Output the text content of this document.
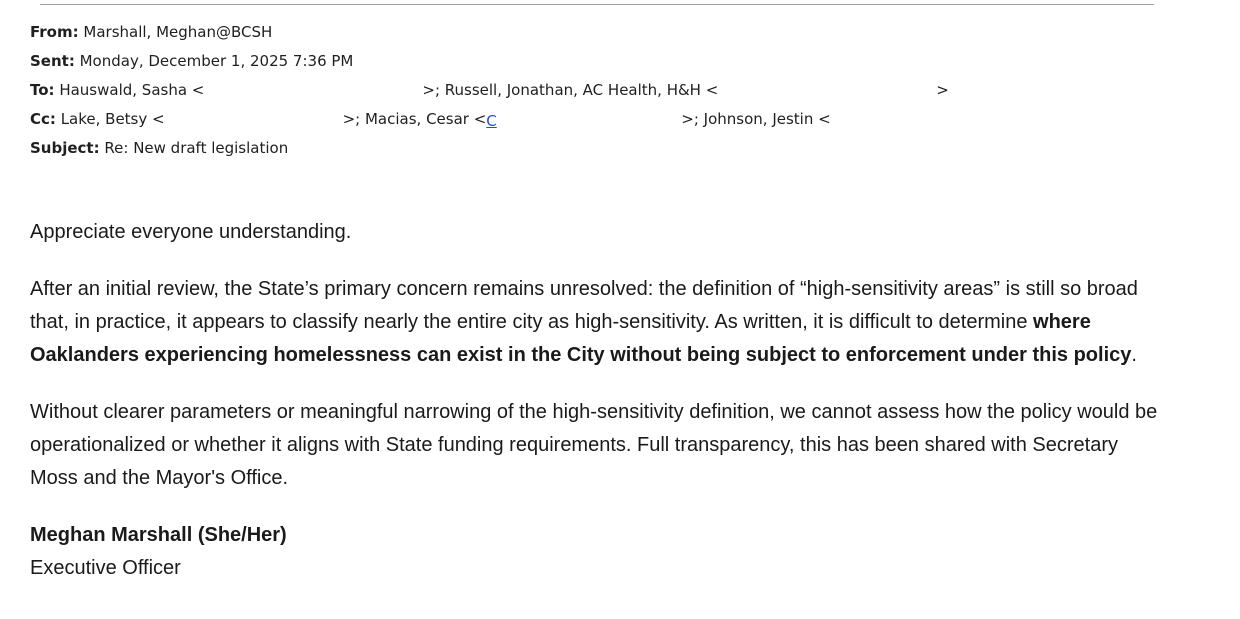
From: Marshall, Meghan@BCSH
Sent: Monday, December 1, 2025 7:36 PM
To: Hauswald, Sasha <	>; Russell, Jonathan, AC Health, H&H <	>
Cc: Lake, Betsy <	>; Macias, Cesar <C	>; Johnson, Jestin <
Subject: Re: New draft legislation

Appreciate everyone understanding.

After an initial review, the State’s primary concern remains unresolved: the definition of “high-sensitivity areas” is still so broad that, in practice, it appears to classify nearly the entire city as high-sensitivity. As written, it is difficult to determine where Oaklanders experiencing homelessness can exist in the City without being subject to enforcement under this policy.

Without clearer parameters or meaningful narrowing of the high-sensitivity definition, we cannot assess how the policy would be operationalized or whether it aligns with State funding requirements. Full transparency, this has been shared with Secretary Moss and the Mayor's Office.

Meghan Marshall (She/Her)
Executive Officer
